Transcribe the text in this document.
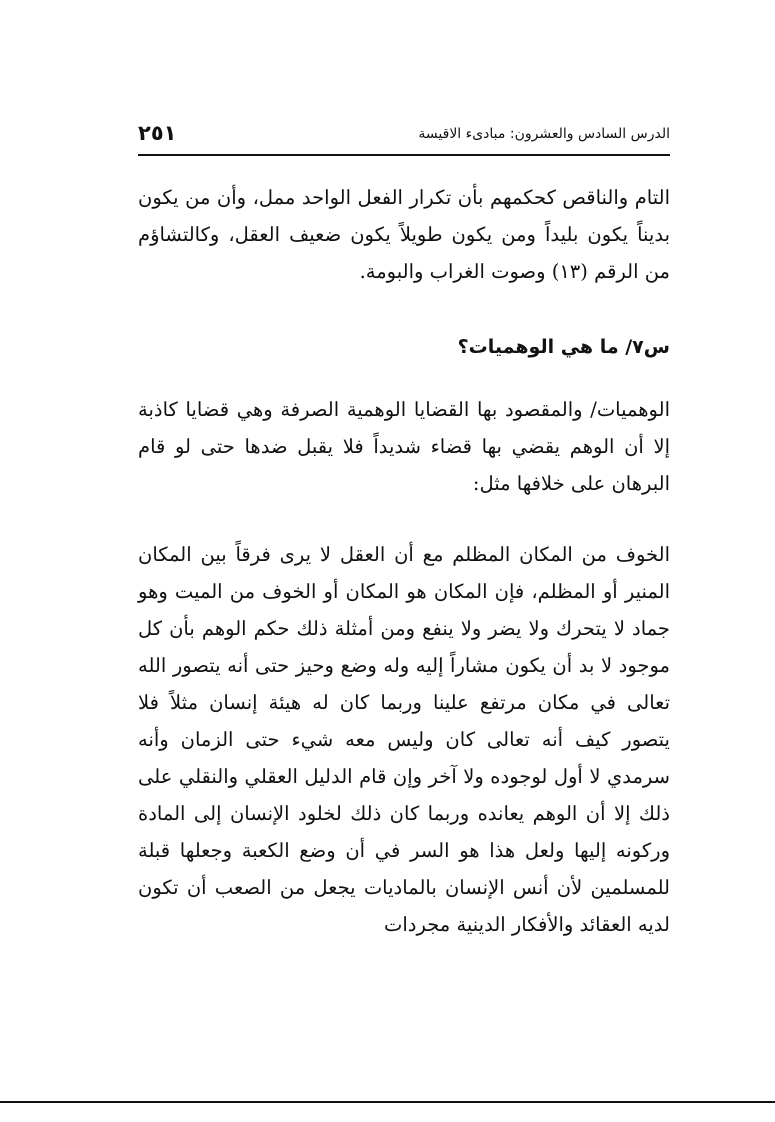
الدرس السادس والعشرون: مبادىء الاقيسة
٢٥١

التام والناقص كحكمهم بأن تكرار الفعل الواحد ممل، وأن من يكون بديناً يكون بليداً ومن يكون طويلاً يكون ضعيف العقل، وكالتشاؤم من الرقم (١٣) وصوت الغراب والبومة.

س٧/ ما هي الوهميات؟

الوهميات/ والمقصود بها القضايا الوهمية الصرفة وهي قضايا كاذبة إلا أن الوهم يقضي بها قضاء شديداً فلا يقبل ضدها حتى لو قام البرهان على خلافها مثل:

الخوف من المكان المظلم مع أن العقل لا يرى فرقاً بين المكان المنير أو المظلم، فإن المكان هو المكان أو الخوف من الميت وهو جماد لا يتحرك ولا يضر ولا ينفع ومن أمثلة ذلك حكم الوهم بأن كل موجود لا بد أن يكون مشاراً إليه وله وضع وحيز حتى أنه يتصور الله تعالى في مكان مرتفع علينا وربما كان له هيئة إنسان مثلاً فلا يتصور كيف أنه تعالى كان وليس معه شيء حتى الزمان وأنه سرمدي لا أول لوجوده ولا آخر وإن قام الدليل العقلي والنقلي على ذلك إلا أن الوهم يعانده وربما كان ذلك لخلود الإنسان إلى المادة وركونه إليها ولعل هذا هو السر في أن وضع الكعبة وجعلها قبلة للمسلمين لأن أنس الإنسان بالماديات يجعل من الصعب أن تكون لديه العقائد والأفكار الدينية مجردات
